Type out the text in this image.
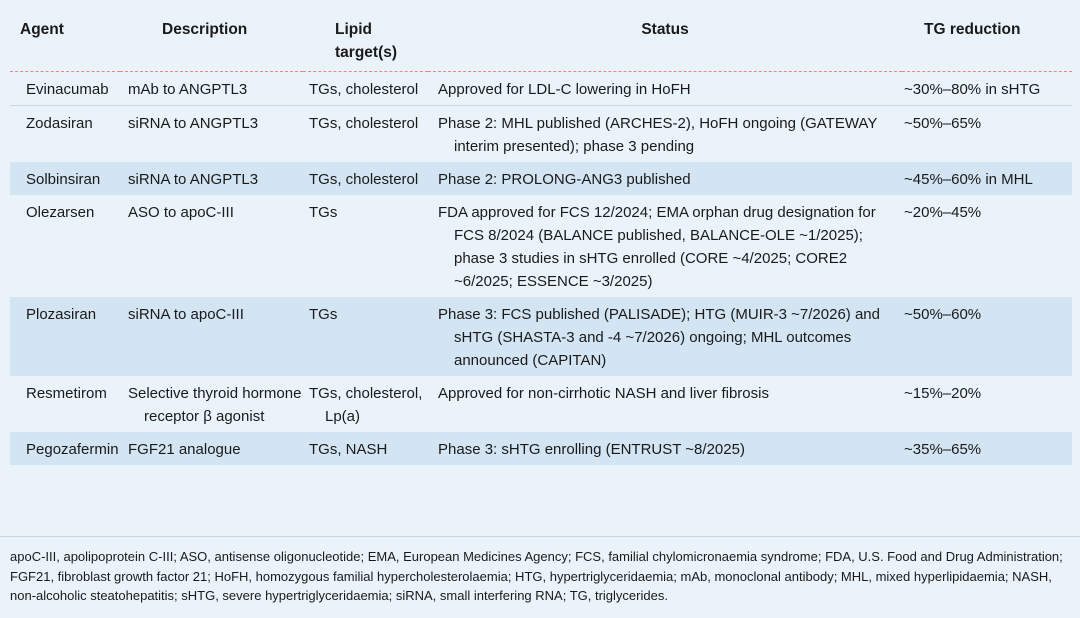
Agent	Description	Lipid target(s)	Status	TG reduction
Evinacumab	mAb to ANGPTL3	TGs, cholesterol	Approved for LDL-C lowering in HoFH	~30%–80% in sHTG
Zodasiran	siRNA to ANGPTL3	TGs, cholesterol	Phase 2: MHL published (ARCHES-2), HoFH ongoing (GATEWAY interim presented); phase 3 pending	~50%–65%
Solbinsiran	siRNA to ANGPTL3	TGs, cholesterol	Phase 2: PROLONG-ANG3 published	~45%–60% in MHL
Olezarsen	ASO to apoC-III	TGs	FDA approved for FCS 12/2024; EMA orphan drug designation for FCS 8/2024 (BALANCE published, BALANCE-OLE ~1/2025); phase 3 studies in sHTG enrolled (CORE ~4/2025; CORE2 ~6/2025; ESSENCE ~3/2025)	~20%–45%
Plozasiran	siRNA to apoC-III	TGs	Phase 3: FCS published (PALISADE); HTG (MUIR-3 ~7/2026) and sHTG (SHASTA-3 and -4 ~7/2026) ongoing; MHL outcomes announced (CAPITAN)	~50%–60%
Resmetirom	Selective thyroid hormone receptor β agonist	TGs, cholesterol, Lp(a)	Approved for non-cirrhotic NASH and liver fibrosis	~15%–20%
Pegozafermin	FGF21 analogue	TGs, NASH	Phase 3: sHTG enrolling (ENTRUST ~8/2025)	~35%–65%
apoC-III, apolipoprotein C-III; ASO, antisense oligonucleotide; EMA, European Medicines Agency; FCS, familial chylomicronaemia syndrome; FDA, U.S. Food and Drug Administration; FGF21, fibroblast growth factor 21; HoFH, homozygous familial hypercholesterolaemia; HTG, hypertriglyceridaemia; mAb, monoclonal antibody; MHL, mixed hyperlipidaemia; NASH, non-alcoholic steatohepatitis; sHTG, severe hypertriglyceridaemia; siRNA, small interfering RNA; TG, triglycerides.
